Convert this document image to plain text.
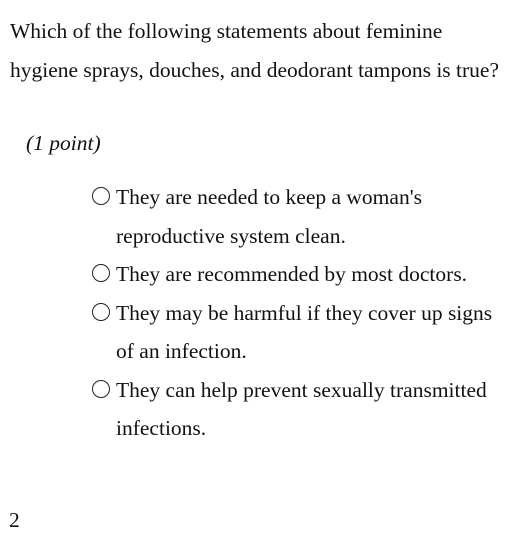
Which of the following statements about feminine hygiene sprays, douches, and deodorant tampons is true?

(1 point)
They are needed to keep a woman's reproductive system clean.
They are recommended by most doctors.
They may be harmful if they cover up signs of an infection.
They can help prevent sexually transmitted infections.
2
